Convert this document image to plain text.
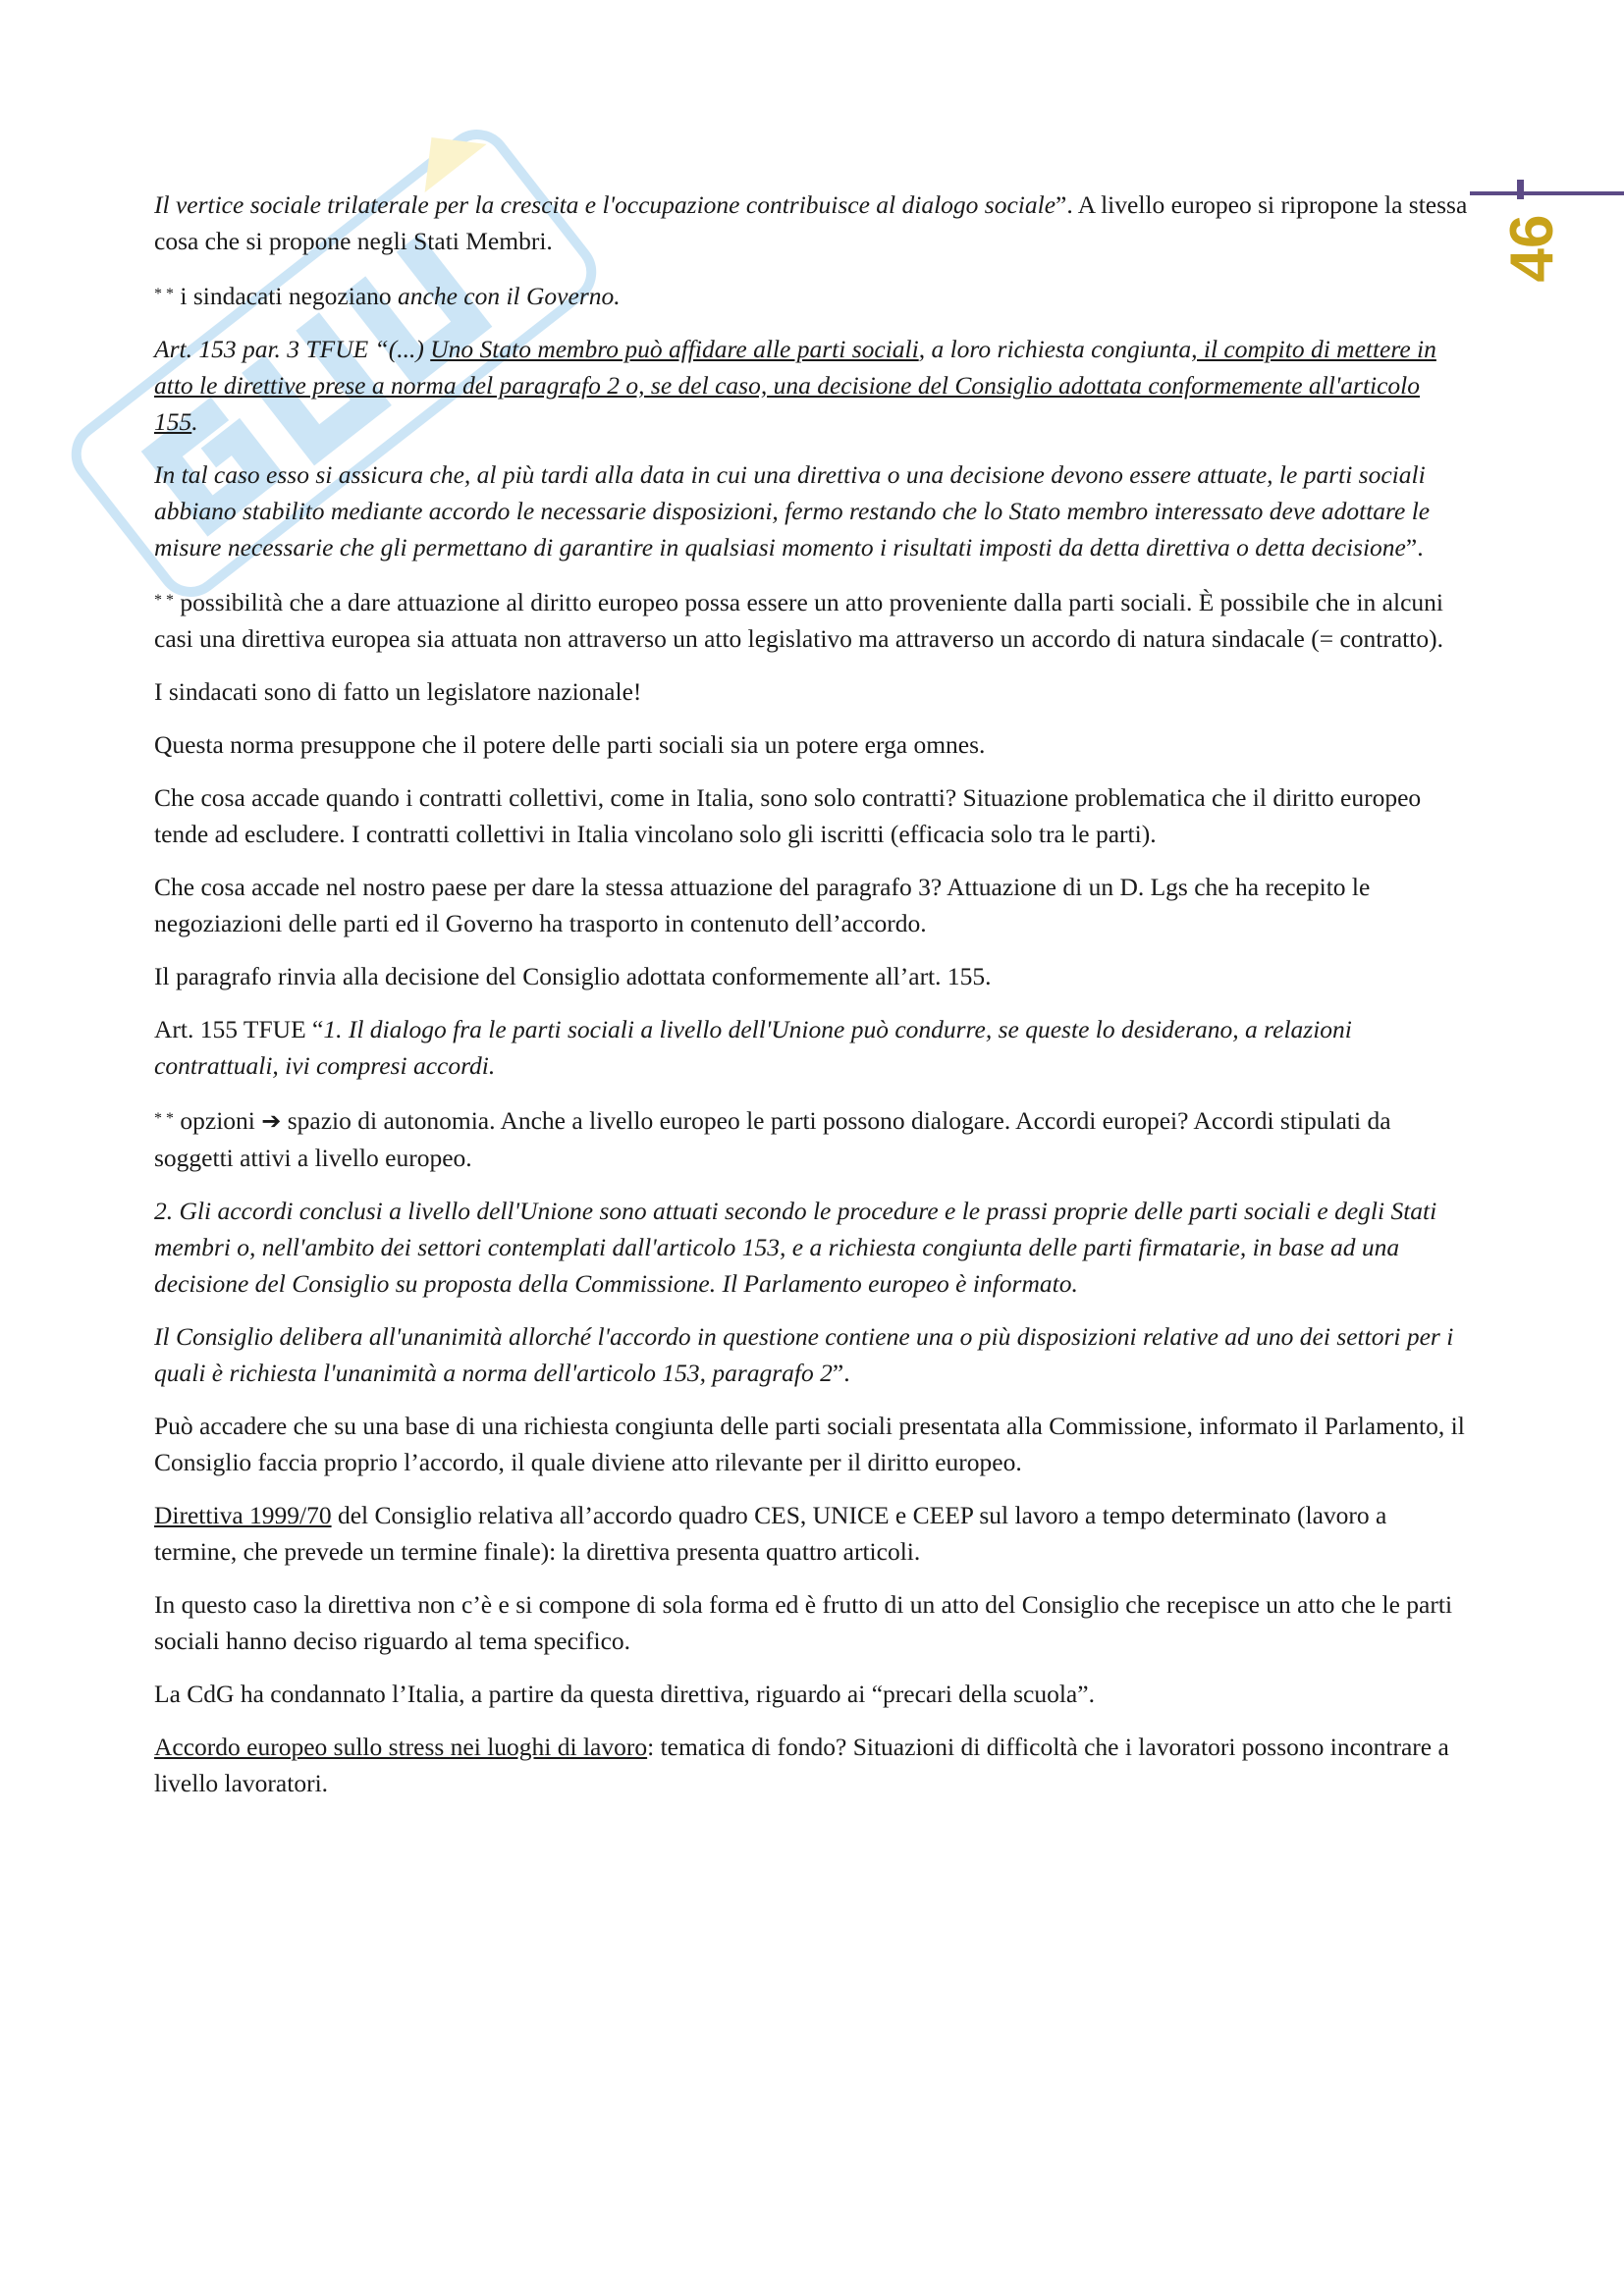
46

Il vertice sociale trilaterale per la crescita e l'occupazione contribuisce al dialogo sociale”. A livello europeo si ripropone la stessa cosa che si propone negli Stati Membri.

* * i sindacati negoziano anche con il Governo.

Art. 153 par. 3 TFUE “(...) Uno Stato membro può affidare alle parti sociali, a loro richiesta congiunta, il compito di mettere in atto le direttive prese a norma del paragrafo 2 o, se del caso, una decisione del Consiglio adottata conformemente all'articolo 155.

In tal caso esso si assicura che, al più tardi alla data in cui una direttiva o una decisione devono essere attuate, le parti sociali abbiano stabilito mediante accordo le necessarie disposizioni, fermo restando che lo Stato membro interessato deve adottare le misure necessarie che gli permettano di garantire in qualsiasi momento i risultati imposti da detta direttiva o detta decisione”.

* * possibilità che a dare attuazione al diritto europeo possa essere un atto proveniente dalla parti sociali. È possibile che in alcuni casi una direttiva europea sia attuata non attraverso un atto legislativo ma attraverso un accordo di natura sindacale (= contratto).

I sindacati sono di fatto un legislatore nazionale!

Questa norma presuppone che il potere delle parti sociali sia un potere erga omnes.

Che cosa accade quando i contratti collettivi, come in Italia, sono solo contratti? Situazione problematica che il diritto europeo tende ad escludere. I contratti collettivi in Italia vincolano solo gli iscritti (efficacia solo tra le parti).

Che cosa accade nel nostro paese per dare la stessa attuazione del paragrafo 3? Attuazione di un D. Lgs che ha recepito le negoziazioni delle parti ed il Governo ha trasporto in contenuto dell’accordo.

Il paragrafo rinvia alla decisione del Consiglio adottata conformemente all’art. 155.

Art. 155 TFUE “1. Il dialogo fra le parti sociali a livello dell'Unione può condurre, se queste lo desiderano, a relazioni contrattuali, ivi compresi accordi.

* * opzioni ➔ spazio di autonomia. Anche a livello europeo le parti possono dialogare. Accordi europei? Accordi stipulati da soggetti attivi a livello europeo.

2. Gli accordi conclusi a livello dell'Unione sono attuati secondo le procedure e le prassi proprie delle parti sociali e degli Stati membri o, nell'ambito dei settori contemplati dall'articolo 153, e a richiesta congiunta delle parti firmatarie, in base ad una decisione del Consiglio su proposta della Commissione. Il Parlamento europeo è informato.

Il Consiglio delibera all'unanimità allorché l'accordo in questione contiene una o più disposizioni relative ad uno dei settori per i quali è richiesta l'unanimità a norma dell'articolo 153, paragrafo 2”.

Può accadere che su una base di una richiesta congiunta delle parti sociali presentata alla Commissione, informato il Parlamento, il Consiglio faccia proprio l’accordo, il quale diviene atto rilevante per il diritto europeo.

Direttiva 1999/70 del Consiglio relativa all’accordo quadro CES, UNICE e CEEP sul lavoro a tempo determinato (lavoro a termine, che prevede un termine finale): la direttiva presenta quattro articoli.

In questo caso la direttiva non c’è e si compone di sola forma ed è frutto di un atto del Consiglio che recepisce un atto che le parti sociali hanno deciso riguardo al tema specifico.

La CdG ha condannato l’Italia, a partire da questa direttiva, riguardo ai “precari della scuola”.

Accordo europeo sullo stress nei luoghi di lavoro: tematica di fondo? Situazioni di difficoltà che i lavoratori possono incontrare a livello lavoratori.
